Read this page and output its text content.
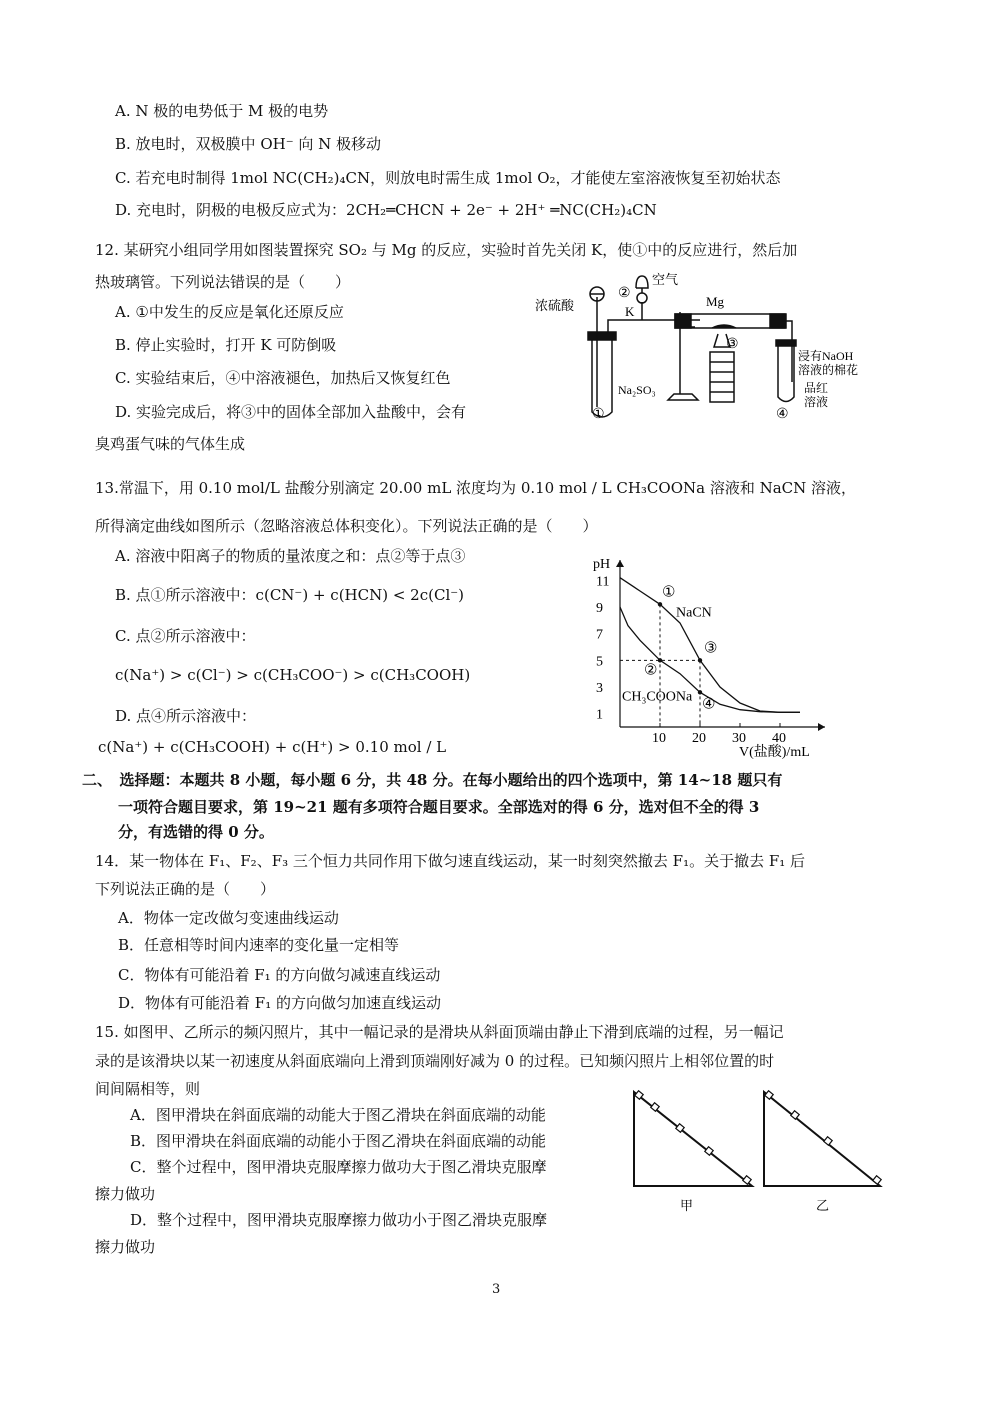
A. N 极的电势低于 M 极的电势
B. 放电时，双极膜中 OH⁻ 向 N 极移动
C. 若充电时制得 1mol NC(CH₂)₄CN，则放电时需生成 1mol O₂，才能使左室溶液恢复至初始状态
D. 充电时，阴极的电极反应式为：2CH₂═CHCN + 2e⁻ + 2H⁺ ═NC(CH₂)₄CN
12. 某研究小组同学用如图装置探究 SO₂ 与 Mg 的反应，实验时首先关闭 K，使①中的反应进行，然后加
热玻璃管。下列说法错误的是（　　）
A. ①中发生的反应是氧化还原反应
B. 停止实验时，打开 K 可防倒吸
C. 实验结束后，④中溶液褪色，加热后又恢复红色
D. 实验完成后，将③中的固体全部加入盐酸中，会有
臭鸡蛋气味的气体生成
浓硫酸
②
空气
K
Mg
③
浸有NaOH
溶液的棉花
品红
溶液
Na₂SO₃
①	④
13.常温下，用 0.10 mol/L 盐酸分别滴定 20.00 mL 浓度均为 0.10 mol / L CH₃COONa 溶液和 NaCN 溶液，
所得滴定曲线如图所示（忽略溶液总体积变化）。下列说法正确的是（　　）
A. 溶液中阳离子的物质的量浓度之和：点②等于点③
B. 点①所示溶液中：c(CN⁻) + c(HCN) < 2c(Cl⁻)
C. 点②所示溶液中：
c(Na⁺) > c(Cl⁻) > c(CH₃COO⁻) > c(CH₃COOH)
D. 点④所示溶液中：
c(Na⁺) + c(CH₃COOH) + c(H⁺) > 0.10 mol / L
pH
V(盐酸)/mL
10 20 30 40
1
3
5
7
9
11
NaCN
CH₃COONa
①
②
③
④
二、　选择题：本题共 8 小题，每小题 6 分，共 48 分。在每小题给出的四个选项中，第 14~18 题只有
一项符合题目要求，第 19~21 题有多项符合题目要求。全部选对的得 6 分，选对但不全的得 3
分，有选错的得 0 分。
14．某一物体在 F₁、F₂、F₃ 三个恒力共同作用下做匀速直线运动，某一时刻突然撤去 F₁。关于撤去 F₁ 后
下列说法正确的是（　　）
A．物体一定改做匀变速曲线运动
B．任意相等时间内速率的变化量一定相等
C．物体有可能沿着 F₁ 的方向做匀减速直线运动
D．物体有可能沿着 F₁ 的方向做匀加速直线运动
15. 如图甲、乙所示的频闪照片，其中一幅记录的是滑块从斜面顶端由静止下滑到底端的过程，另一幅记
录的是该滑块以某一初速度从斜面底端向上滑到顶端刚好减为 0 的过程。已知频闪照片上相邻位置的时
间间隔相等，则
A．图甲滑块在斜面底端的动能大于图乙滑块在斜面底端的动能
B．图甲滑块在斜面底端的动能小于图乙滑块在斜面底端的动能
C．整个过程中，图甲滑块克服摩擦力做功大于图乙滑块克服摩
擦力做功
D．整个过程中，图甲滑块克服摩擦力做功小于图乙滑块克服摩
擦力做功
甲	乙
3
